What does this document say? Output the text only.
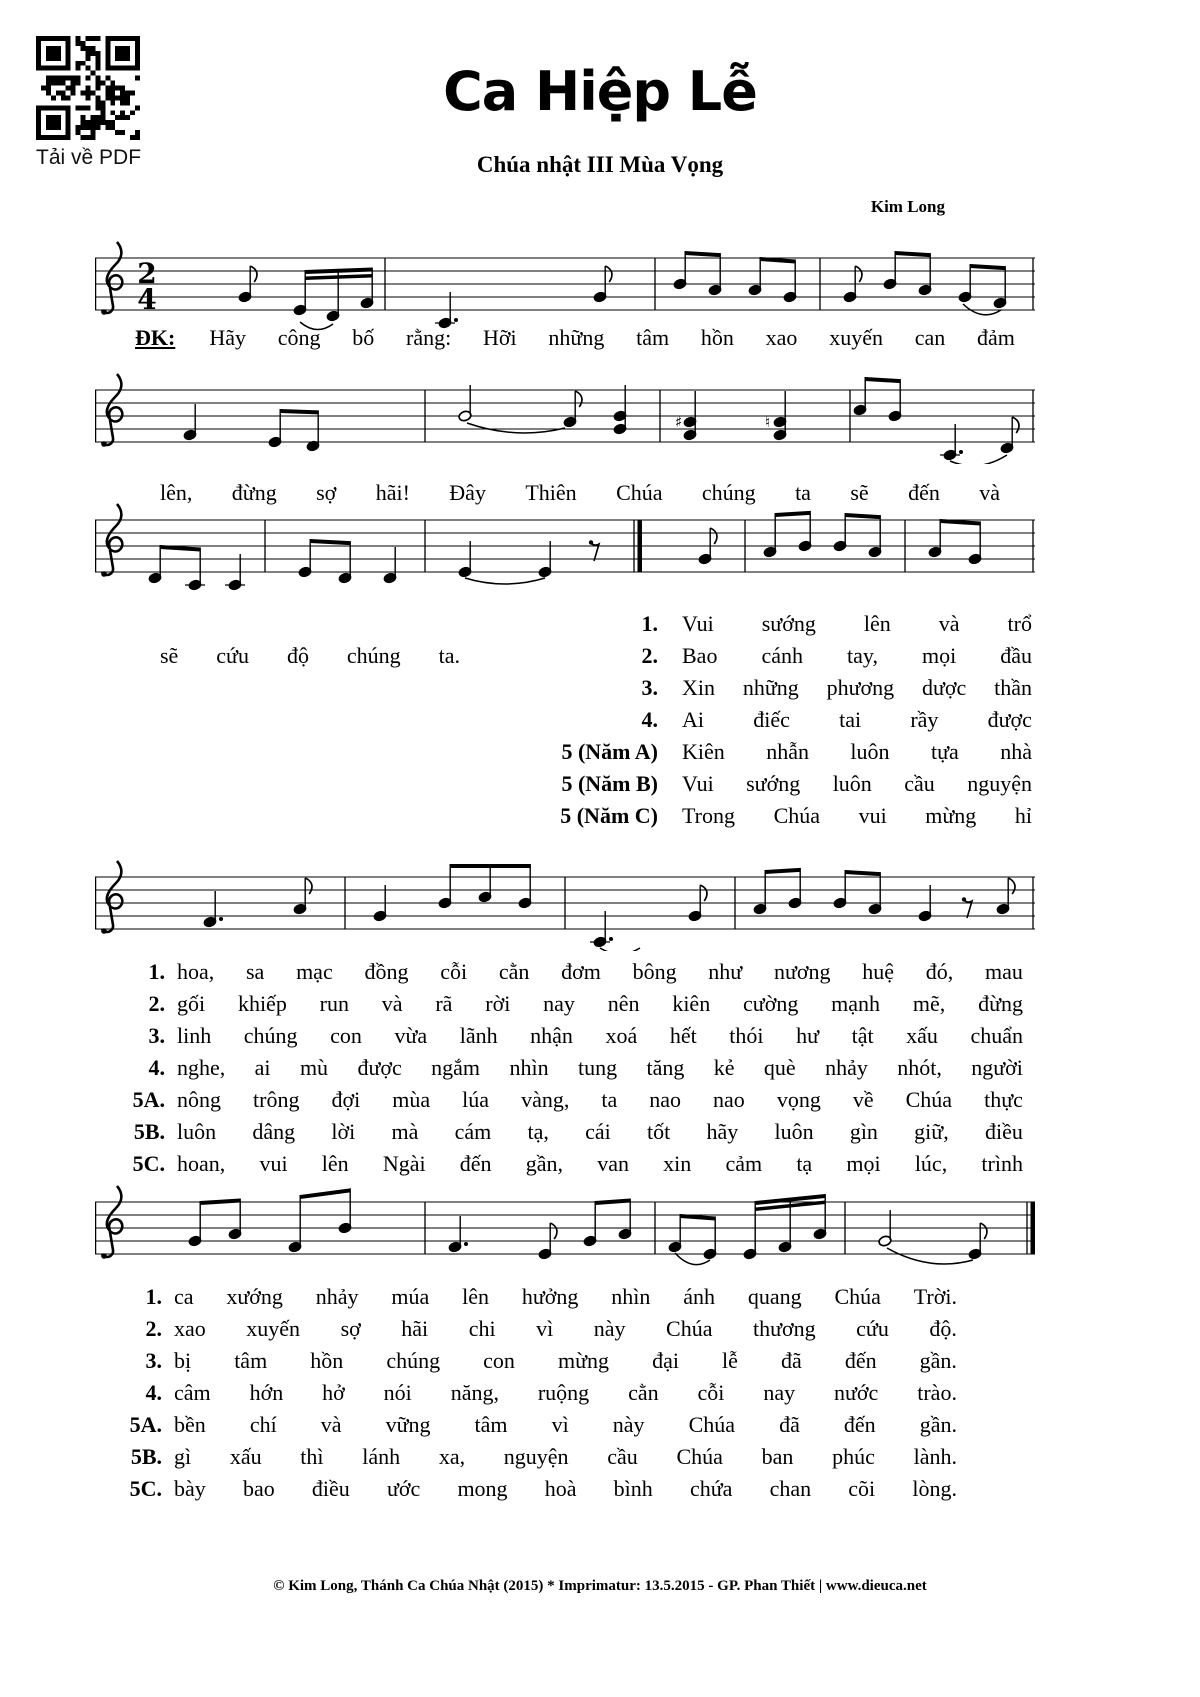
Tải về PDF
Ca Hiệp Lễ
Chúa nhật III Mùa Vọng
Kim Long
2
4
♯	♮
ĐK: Hãy công bố rằng: Hỡi những tâm hồn xao xuyến can đảm
lên, đừng sợ hãi! Đây Thiên Chúa chúng ta sẽ đến và
sẽ cứu độ chúng ta.
1. Vui sướng lên và trổ
2. Bao cánh tay, mọi đầu
3. Xin những phương dược thần
4. Ai điếc tai rầy được
5 (Năm A) Kiên nhẫn luôn tựa nhà
5 (Năm B) Vui sướng luôn cầu nguyện
5 (Năm C) Trong Chúa vui mừng hỉ
1. hoa, sa mạc đồng cỗi cằn đơm bông như nương huệ đó, mau
2. gối khiếp run và rã rời nay nên kiên cường mạnh mẽ, đừng
3. linh chúng con vừa lãnh nhận xoá hết thói hư tật xấu chuẩn
4. nghe, ai mù được ngắm nhìn tung tăng kẻ què nhảy nhót, người
5A. nông trông đợi mùa lúa vàng, ta nao nao vọng về Chúa thực
5B. luôn dâng lời mà cám tạ, cái tốt hãy luôn gìn giữ, điều
5C. hoan, vui lên Ngài đến gần, van xin cảm tạ mọi lúc, trình
1. ca xướng nhảy múa lên hưởng nhìn ánh quang Chúa Trời.
2. xao xuyến sợ hãi chi vì này Chúa thương cứu độ.
3. bị tâm hồn chúng con mừng đại lễ đã đến gần.
4. câm hớn hở nói năng, ruộng cằn cỗi nay nước trào.
5A. bền chí và vững tâm vì này Chúa đã đến gần.
5B. gì xấu thì lánh xa, nguyện cầu Chúa ban phúc lành.
5C. bày bao điều ước mong hoà bình chứa chan cõi lòng.
© Kim Long, Thánh Ca Chúa Nhật (2015) * Imprimatur: 13.5.2015 - GP. Phan Thiết | www.dieuca.net
